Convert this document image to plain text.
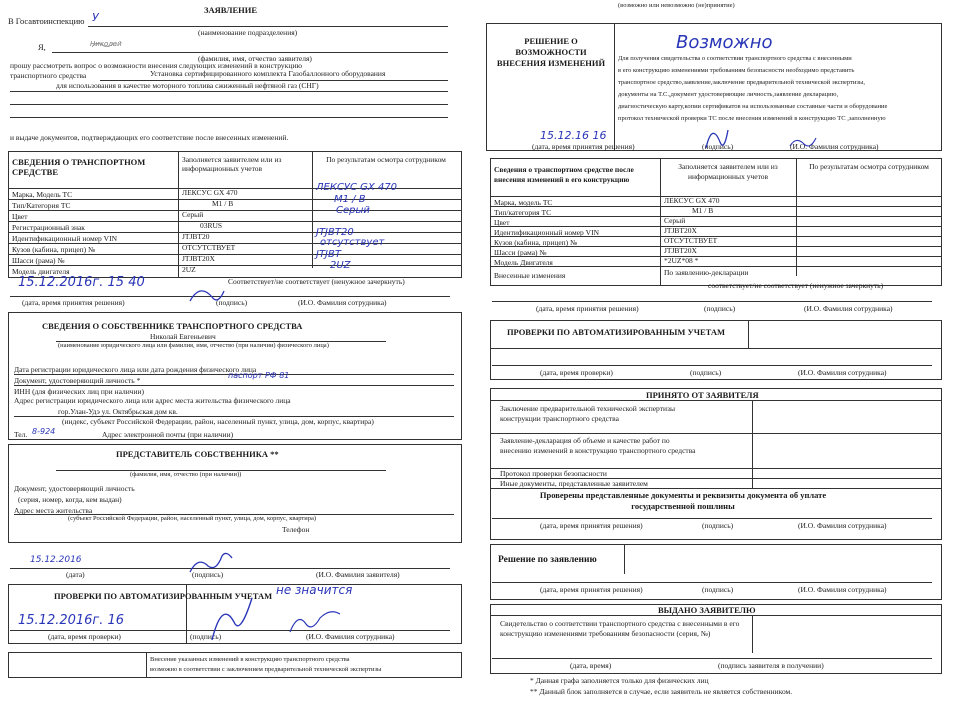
ЗАЯВЛЕНИЕ
В Госавтоинспекцию У
(наименование подразделения)
Я,	Николай
(фамилия, имя, отчество заявителя)
прошу рассмотреть вопрос о возможности внесения следующих изменений в конструкцию
транспортного средства	Установка сертифицированного комплекта Газобаллонного оборудования
для использования в качестве моторного топлива сжиженный нефтяной газ (СНГ)
и выдаче документов, подтверждающих его соответствие после внесенных изменений.
СВЕДЕНИЯ О ТРАНСПОРТНОМ СРЕДСТВЕ
Заполняется заявителем или из информационных учетов
По результатам осмотра сотрудником
Марка, Модель ТС	ЛЕКСУС GX 470	ЛЕКСУС GX 470
Тип/Категория ТС	М1 / В	М1 / В
Цвет	Серый	Серый
Регистрационный знак	03RUS
Идентификационный номер VIN	JTJBT20	JTJBT20
Кузов (кабина, прицеп) №	ОТСУТСТВУЕТ	отсутствует
Шасси (рама) №	JTJBT20X	JTJBT
Модель двигателя	2UZ	2UZ
Соответствует/не соответствует (ненужное зачеркнуть)
15.12.2016г. 15 40
(дата, время принятия решения)	(подпись)	(И.О. Фамилия сотрудника)
СВЕДЕНИЯ О СОБСТВЕННИКЕ ТРАНСПОРТНОГО СРЕДСТВА
Николай Евгеньевич
(наименование юридического лица или фамилия, имя, отчество (при наличии) физического лица)
Дата регистрации юридического лица или дата рождения физического лица
Документ, удостоверяющий личность *
паспорт РФ 81
ИНН (для физических лиц при наличии)
Адрес регистрации юридического лица или адрес места жительства физического лица
гор.Улан-Удэ ул. Октябрьская дом кв.
(индекс, субъект Российской Федерации, район, населенный пункт, улица, дом, корпус, квартира)
Тел. 8-924	Адрес электронной почты (при наличии)
ПРЕДСТАВИТЕЛЬ СОБСТВЕННИКА **
(фамилия, имя, отчество (при наличии))
Документ, удостоверяющий личность
(серия, номер, когда, кем выдан)
Адрес места жительства
(субъект Российской Федерации, район, населенный пункт, улица, дом, корпус, квартира)
Телефон
15.12.2016
(дата)	(подпись)	(И.О. Фамилия заявителя)
ПРОВЕРКИ ПО АВТОМАТИЗИРОВАННЫМ УЧЕТАМ не значится
15.12.2016г. 16
(дата, время проверки)	(подпись)	(И.О. Фамилия сотрудника)
Внесение указанных изменений в конструкцию транспортного средства
возможно в соответствии с заключением предварительной технической экспертизы
(возможно или невозможно (не)принятие)
РЕШЕНИЕ О ВОЗМОЖНОСТИ ВНЕСЕНИЯ ИЗМЕНЕНИЙ
Возможно
Для получения свидетельства о соответствии транспортного средства с внесенными
в его конструкцию изменениями требованиям безопасности необходимо представить
транспортное средство,заявление,заключение предварительной технической экспертизы,
документы на Т.С.,документ удостоверяющие личность,заявление декларацию,
диагностическую карту,копии сертификатов на использованные составные части и оборудование
протокол технической проверки ТС после внесения изменений в конструкцию ТС ,заполненную
15.12.16 16
(дата, время принятия решения)	(подпись)	(И.О. Фамилия сотрудника)
Сведения о транспортном средстве после внесения изменений в его конструкцию
Заполняется заявителем или из информационных учетов
По результатам осмотра сотрудником
Марка, модель ТС	ЛЕКСУС GX 470
Тип/категория ТС	М1 / В
Цвет	Серый
Идентификационный номер VIN	JTJBT20X
Кузов (кабина, прицеп) №	ОТСУТСТВУЕТ
Шасси (рама) №	JTJBT20X
Модель Двигателя	*2UZ*08 *
Внесенные изменения	По заявлению-декларации
соответствует/не соответствует (ненужное зачеркнуть)
(дата, время принятия решения)	(подпись)	(И.О. Фамилия сотрудника)
ПРОВЕРКИ ПО АВТОМАТИЗИРОВАННЫМ УЧЕТАМ
(дата, время проверки)	(подпись)	(И.О. Фамилия сотрудника)
ПРИНЯТО ОТ ЗАЯВИТЕЛЯ
Заключение предварительной технической экспертизы конструкции транспортного средства
Заявление-декларация об объеме и качестве работ по внесению изменений в конструкцию транспортного средства
Протокол проверки безопасности
Иные документы, представленные заявителем
Проверены представленные документы и реквизиты документа об уплате государственной пошлины
(дата, время принятия решения)	(подпись)	(И.О. Фамилия сотрудника)
Решение по заявлению
(дата, время принятия решения)	(подпись)	(И.О. Фамилия сотрудника)
ВЫДАНО ЗАЯВИТЕЛЮ
Свидетельство о соответствии транспортного средства с внесенными в его конструкцию изменениями требованиям безопасности (серия, №)
(дата, время)	(подпись заявителя в получении)
* Данная графа заполняется только для физических лиц
** Данный блок заполняется в случае, если заявитель не является собственником.
